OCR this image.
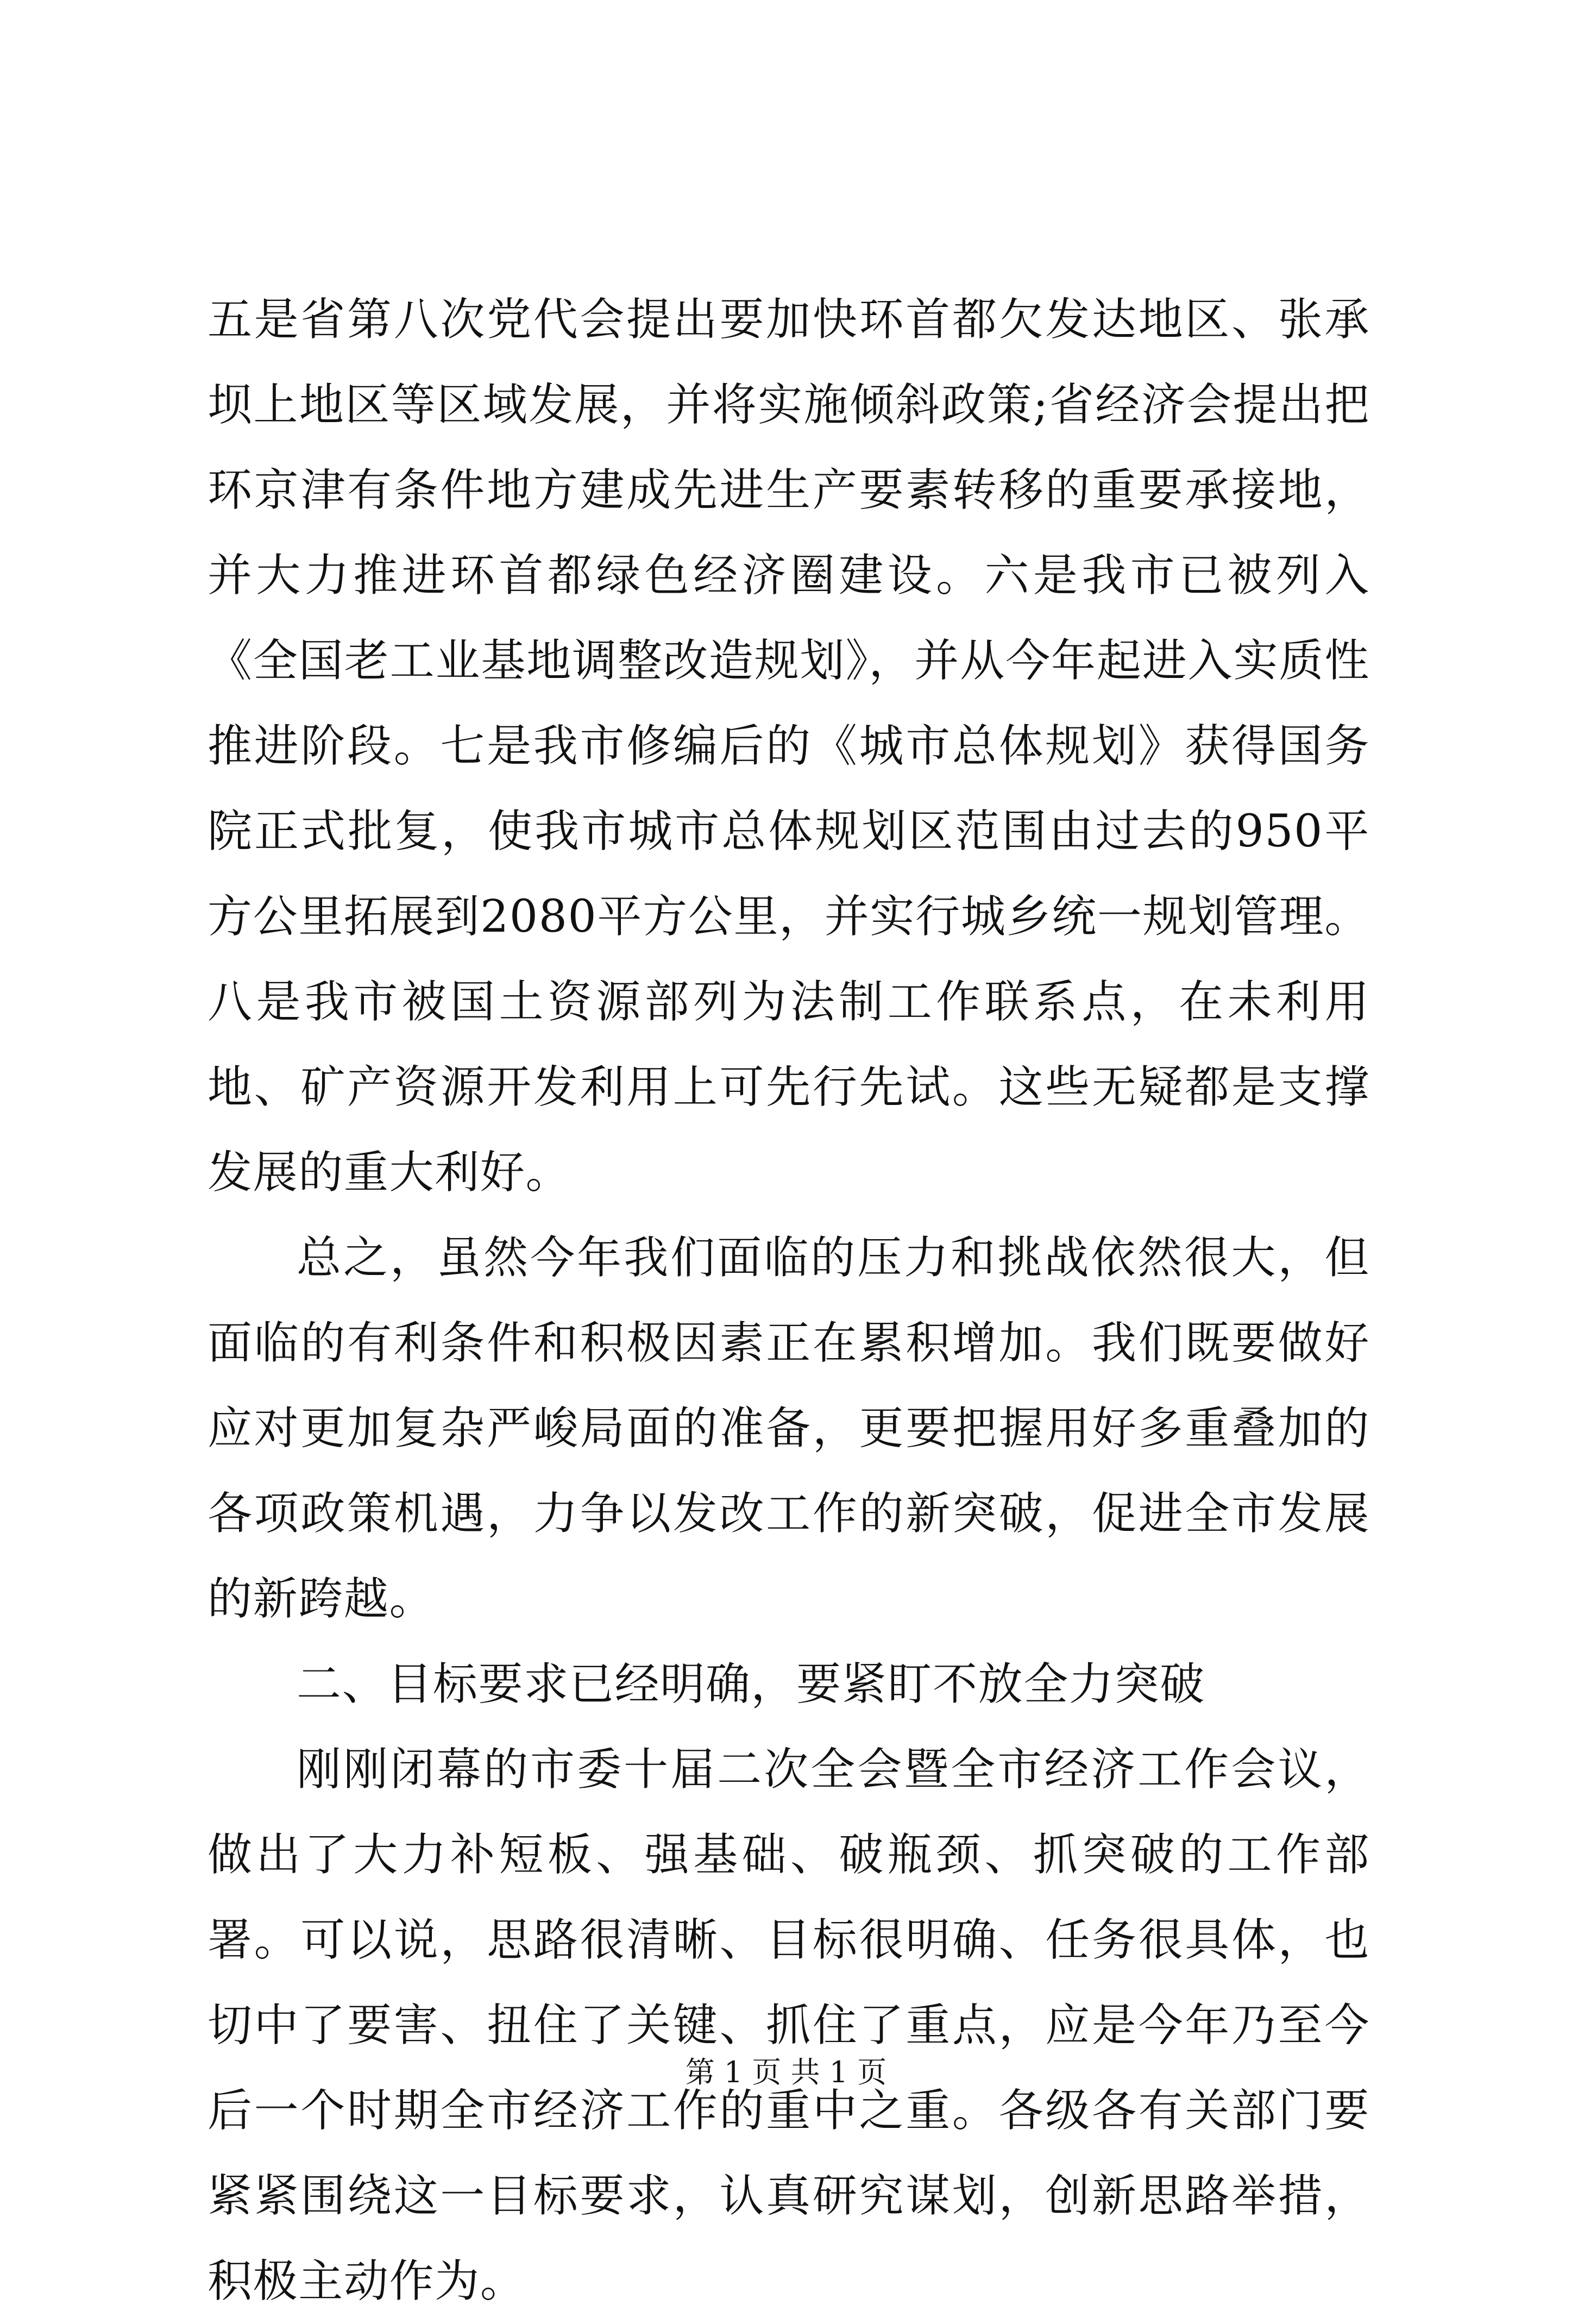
五是省第八次党代会提出要加快环首都欠发达地区、张承坝上地区等区域发展，并将实施倾斜政策;省经济会提出把环京津有条件地方建成先进生产要素转移的重要承接地，并大力推进环首都绿色经济圈建设。六是我市已被列入《全国老工业基地调整改造规划》，并从今年起进入实质性推进阶段。七是我市修编后的《城市总体规划》获得国务院正式批复，使我市城市总体规划区范围由过去的950平方公里拓展到2080平方公里，并实行城乡统一规划管理。八是我市被国土资源部列为法制工作联系点，在未利用地、矿产资源开发利用上可先行先试。这些无疑都是支撑发展的重大利好。

总之，虽然今年我们面临的压力和挑战依然很大，但面临的有利条件和积极因素正在累积增加。我们既要做好应对更加复杂严峻局面的准备，更要把握用好多重叠加的各项政策机遇，力争以发改工作的新突破，促进全市发展的新跨越。

二、目标要求已经明确，要紧盯不放全力突破

刚刚闭幕的市委十届二次全会暨全市经济工作会议，做出了大力补短板、强基础、破瓶颈、抓突破的工作部署。可以说，思路很清晰、目标很明确、任务很具体，也切中了要害、扭住了关键、抓住了重点，应是今年乃至今后一个时期全市经济工作的重中之重。各级各有关部门要紧紧围绕这一目标要求，认真研究谋划，创新思路举措，积极主动作为。

第 1 页 共 1 页
